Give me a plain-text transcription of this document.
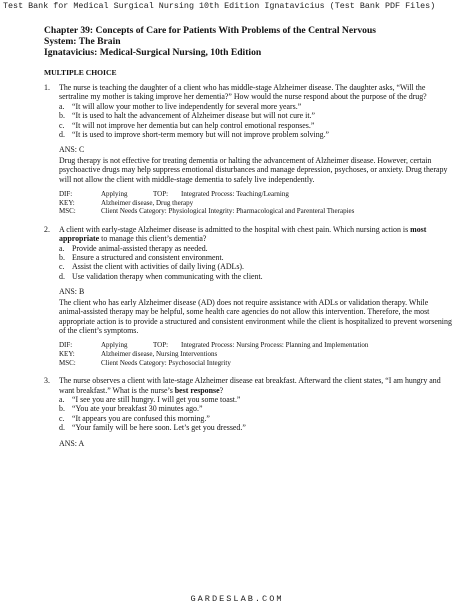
Test Bank for Medical Surgical Nursing 10th Edition Ignatavicius (Test Bank PDF Files)
Chapter 39: Concepts of Care for Patients With Problems of the Central Nervous
System: The Brain
Ignatavicius: Medical-Surgical Nursing, 10th Edition
MULTIPLE CHOICE
1. The nurse is teaching the daughter of a client who has middle-stage Alzheimer disease. The daughter asks, “Will the sertraline my mother is taking improve her dementia?” How would the nurse respond about the purpose of the drug?
a. “It will allow your mother to live independently for several more years.”
b. “It is used to halt the advancement of Alzheimer disease but will not cure it.”
c. “It will not improve her dementia but can help control emotional responses.”
d. “It is used to improve short-term memory but will not improve problem solving.”
ANS: C
Drug therapy is not effective for treating dementia or halting the advancement of Alzheimer disease. However, certain psychoactive drugs may help suppress emotional disturbances and manage depression, psychoses, or anxiety. Drug therapy will not allow the client with middle-stage dementia to safely live independently.
DIF:	Applying	TOP:	Integrated Process: Teaching/Learning
KEY:	Alzheimer disease, Drug therapy
MSC:	Client Needs Category: Physiological Integrity: Pharmacological and Parenteral Therapies
2. A client with early-stage Alzheimer disease is admitted to the hospital with chest pain. Which nursing action is most appropriate to manage this client’s dementia?
a. Provide animal-assisted therapy as needed.
b. Ensure a structured and consistent environment.
c. Assist the client with activities of daily living (ADLs).
d. Use validation therapy when communicating with the client.
ANS: B
The client who has early Alzheimer disease (AD) does not require assistance with ADLs or validation therapy. While animal-assisted therapy may be helpful, some health care agencies do not allow this intervention. Therefore, the most appropriate action is to provide a structured and consistent environment while the client is hospitalized to prevent worsening of the client’s symptoms.
DIF:	Applying	TOP:	Integrated Process: Nursing Process: Planning and Implementation
KEY:	Alzheimer disease, Nursing Interventions
MSC:	Client Needs Category: Psychosocial Integrity
3. The nurse observes a client with late-stage Alzheimer disease eat breakfast. Afterward the client states, “I am hungry and want breakfast.” What is the nurse’s best response?
a. “I see you are still hungry. I will get you some toast.”
b. “You ate your breakfast 30 minutes ago.”
c. “It appears you are confused this morning.”
d. “Your family will be here soon. Let’s get you dressed.”
ANS: A
GARDESLAB.COM
